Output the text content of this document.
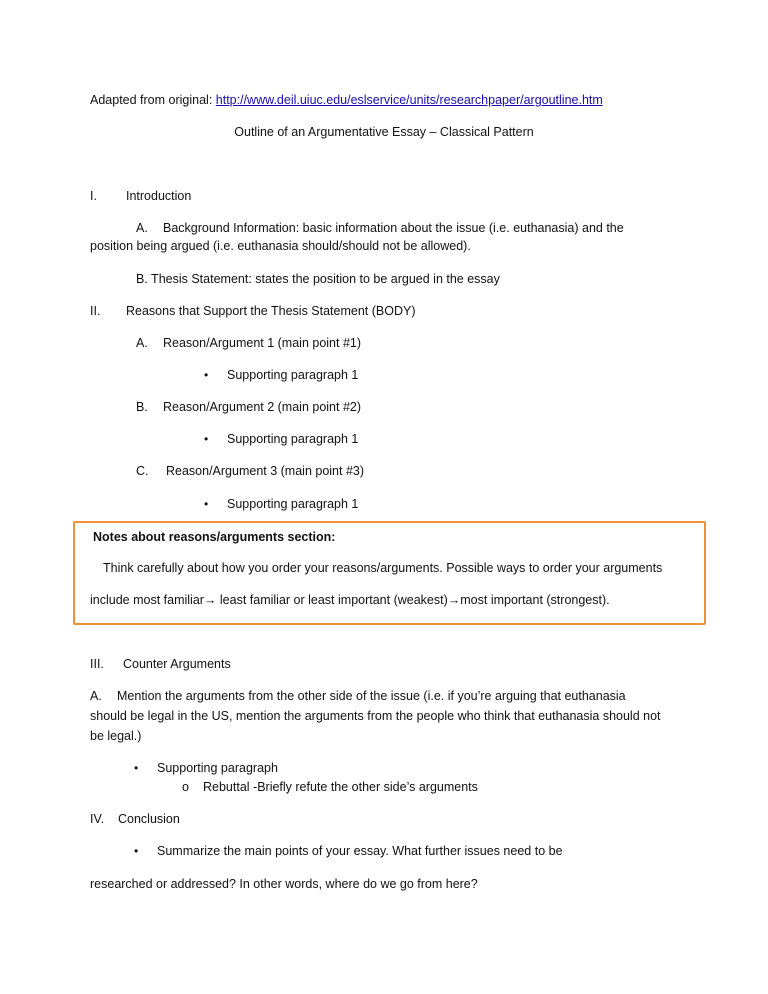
Adapted from original: http://www.deil.uiuc.edu/eslservice/units/researchpaper/argoutline.htm
Outline of an Argumentative Essay – Classical Pattern
I. Introduction
A. Background Information: basic information about the issue (i.e. euthanasia) and the
position being argued (i.e. euthanasia should/should not be allowed).
B. Thesis Statement: states the position to be argued in the essay
II. Reasons that Support the Thesis Statement (BODY)
A. Reason/Argument 1 (main point #1)
• Supporting paragraph 1
B. Reason/Argument 2 (main point #2)
• Supporting paragraph 1
C. Reason/Argument 3 (main point #3)
• Supporting paragraph 1
Notes about reasons/arguments section:
Think carefully about how you order your reasons/arguments. Possible ways to order your arguments
include most familiar→ least familiar or least important (weakest)→most important (strongest).
III. Counter Arguments
A. Mention the arguments from the other side of the issue (i.e. if you’re arguing that euthanasia
should be legal in the US, mention the arguments from the people who think that euthanasia should not
be legal.)
• Supporting paragraph
o Rebuttal -Briefly refute the other side’s arguments
IV. Conclusion
• Summarize the main points of your essay. What further issues need to be
researched or addressed? In other words, where do we go from here?
